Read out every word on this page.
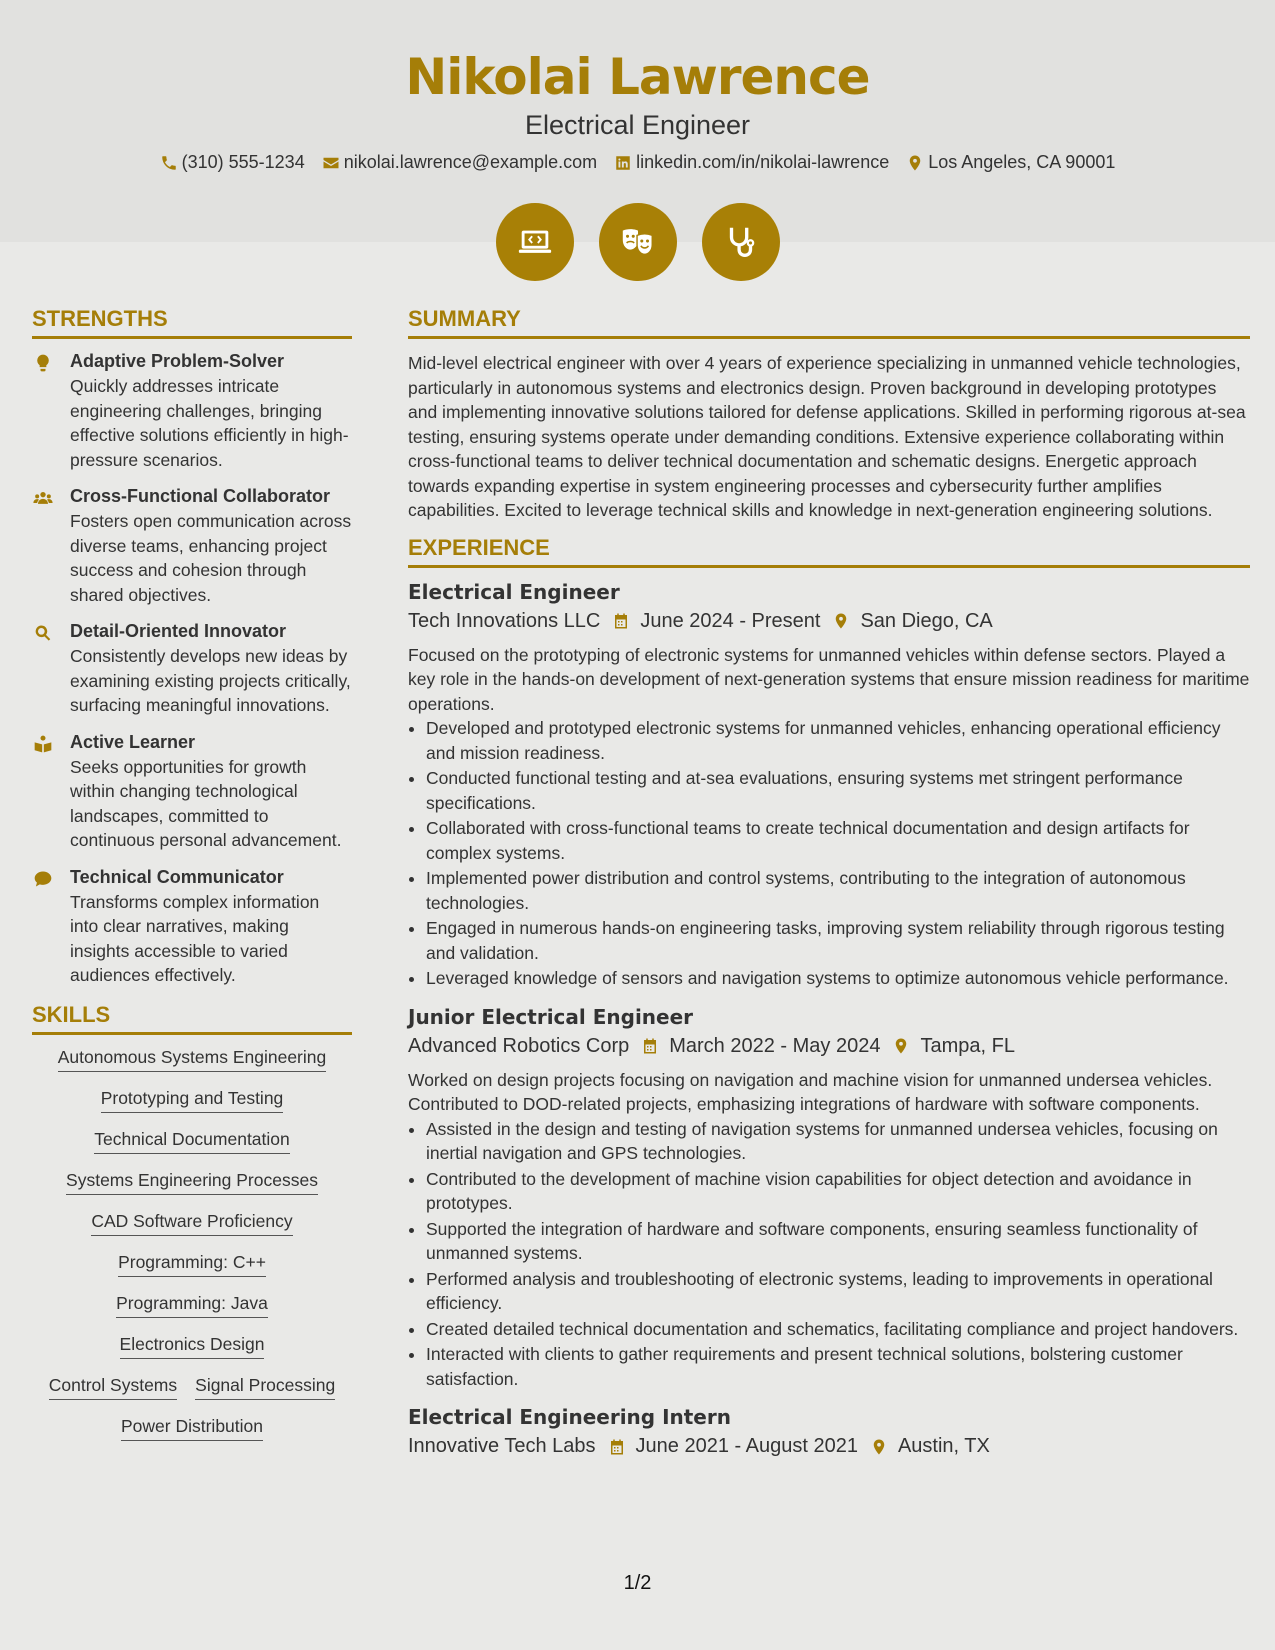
Nikolai Lawrence
Electrical Engineer
(310) 555-1234 nikolai.lawrence@example.com linkedin.com/in/nikolai-lawrence Los Angeles, CA 90001
STRENGTHS
Adaptive Problem-Solver
Quickly addresses intricate engineering challenges, bringing effective solutions efficiently in high-pressure scenarios.
Cross-Functional Collaborator
Fosters open communication across diverse teams, enhancing project success and cohesion through shared objectives.
Detail-Oriented Innovator
Consistently develops new ideas by examining existing projects critically, surfacing meaningful innovations.
Active Learner
Seeks opportunities for growth within changing technological landscapes, committed to continuous personal advancement.
Technical Communicator
Transforms complex information into clear narratives, making insights accessible to varied audiences effectively.
SKILLS
Autonomous Systems Engineering
Prototyping and Testing
Technical Documentation
Systems Engineering Processes
CAD Software Proficiency
Programming: C++
Programming: Java
Electronics Design
Control Systems Signal Processing
Power Distribution
SUMMARY
Mid-level electrical engineer with over 4 years of experience specializing in unmanned vehicle technologies, particularly in autonomous systems and electronics design. Proven background in developing prototypes and implementing innovative solutions tailored for defense applications. Skilled in performing rigorous at-sea testing, ensuring systems operate under demanding conditions. Extensive experience collaborating within cross-functional teams to deliver technical documentation and schematic designs. Energetic approach towards expanding expertise in system engineering processes and cybersecurity further amplifies capabilities. Excited to leverage technical skills and knowledge in next-generation engineering solutions.
EXPERIENCE
Electrical Engineer
Tech Innovations LLC June 2024 - Present San Diego, CA
Focused on the prototyping of electronic systems for unmanned vehicles within defense sectors. Played a key role in the hands-on development of next-generation systems that ensure mission readiness for maritime operations.
• Developed and prototyped electronic systems for unmanned vehicles, enhancing operational efficiency and mission readiness.
• Conducted functional testing and at-sea evaluations, ensuring systems met stringent performance specifications.
• Collaborated with cross-functional teams to create technical documentation and design artifacts for complex systems.
• Implemented power distribution and control systems, contributing to the integration of autonomous technologies.
• Engaged in numerous hands-on engineering tasks, improving system reliability through rigorous testing and validation.
• Leveraged knowledge of sensors and navigation systems to optimize autonomous vehicle performance.
Junior Electrical Engineer
Advanced Robotics Corp March 2022 - May 2024 Tampa, FL
Worked on design projects focusing on navigation and machine vision for unmanned undersea vehicles. Contributed to DOD-related projects, emphasizing integrations of hardware with software components.
• Assisted in the design and testing of navigation systems for unmanned undersea vehicles, focusing on inertial navigation and GPS technologies.
• Contributed to the development of machine vision capabilities for object detection and avoidance in prototypes.
• Supported the integration of hardware and software components, ensuring seamless functionality of unmanned systems.
• Performed analysis and troubleshooting of electronic systems, leading to improvements in operational efficiency.
• Created detailed technical documentation and schematics, facilitating compliance and project handovers.
• Interacted with clients to gather requirements and present technical solutions, bolstering customer satisfaction.
Electrical Engineering Intern
Innovative Tech Labs June 2021 - August 2021 Austin, TX
1/2
